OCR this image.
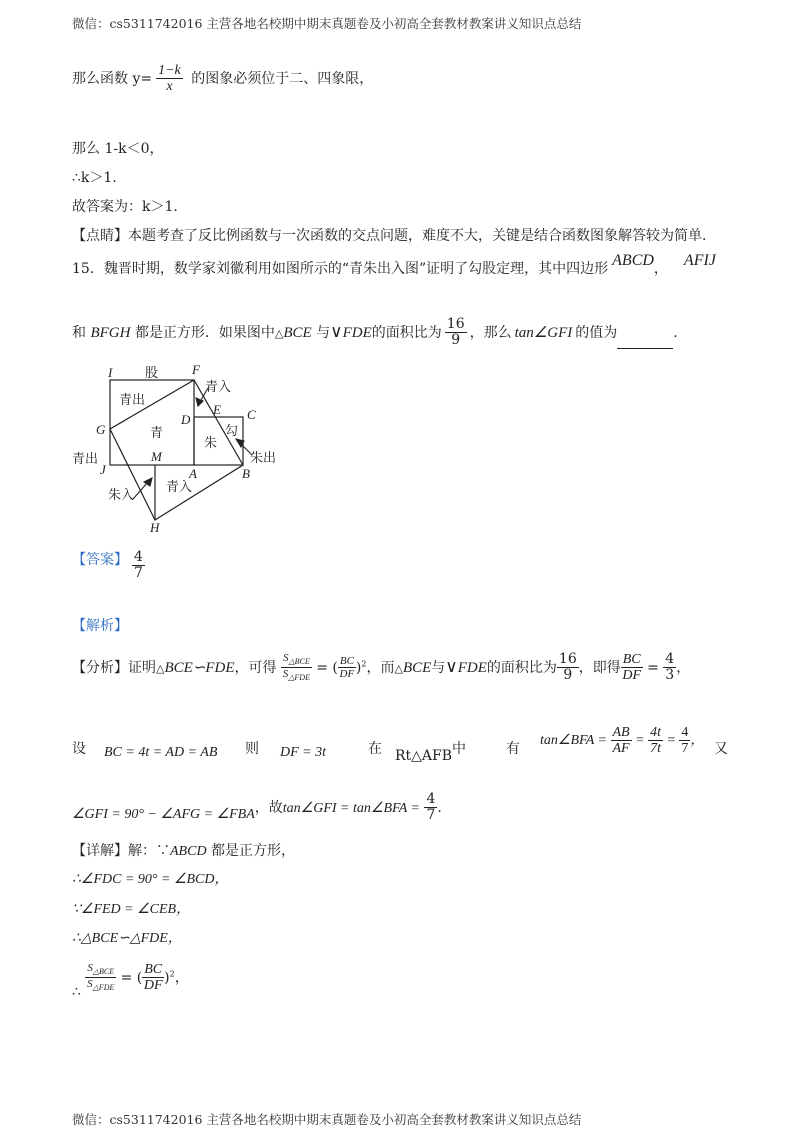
微信：cs5311742016 主营各地名校期中期末真题卷及小初高全套教材教案讲义知识点总结
那么函数 $y= \frac{1-k}{x}$ 的图象必须位于二、四象限，
那么 1-k＜0，
∴k＞1.
故答案为：k＞1.
【点睛】本题考查了反比例函数与一次函数的交点问题，难度不大，关键是结合函数图象解答较为简单.
15．魏晋时期，数学家刘徽利用如图所示的“青朱出入图”证明了勾股定理，其中四边形 ABCD， AFIJ
和 BFGH 都是正方形．如果图中△BCE 与∨FDE的面积比为 $\frac{16}{9}$ ，那么 tan∠GFI 的值为	.
I	F
G
J
M
A	B
C
D
E
H
股
勾
青出
青
朱
青入
朱出
青出
朱入
青入
【答案】 $\frac{4}{7}$
【解析】
【分析】证明△BCE∽FDE，可得 $\frac{S_{\triangle BCE}}{S_{\triangle FDE}}$ = ( $\frac{BC}{DF} )^2$，而△BCE与∨FDE的面积比为 $\frac{16}{9}$ ，即得 $\frac{BC}{DF} = \frac{4}{3}$ ，
设 BC = 4t = AD = AB 则 DF = 3t	在 Rt△AFB中	有
tan∠BFA = $\frac{AB}{AF} = \frac{4t}{7t} = \frac{4}{7}$ ，
又
∠GFI = 90° − ∠AFG = ∠FBA，故tan∠GFI = tan∠BFA = $\frac{4}{7}$ .
【详解】解：∵ABCD 都是正方形，
∴∠FDC = 90° = ∠BCD，
∵∠FED = ∠CEB，
∴△BCE∽△FDE，
∴ $\frac{S_{\triangle BCE}}{S_{\triangle FDE}}$ = ( $\frac{BC}{DF} )^2$，
微信：cs5311742016 主营各地名校期中期末真题卷及小初高全套教材教案讲义知识点总结
